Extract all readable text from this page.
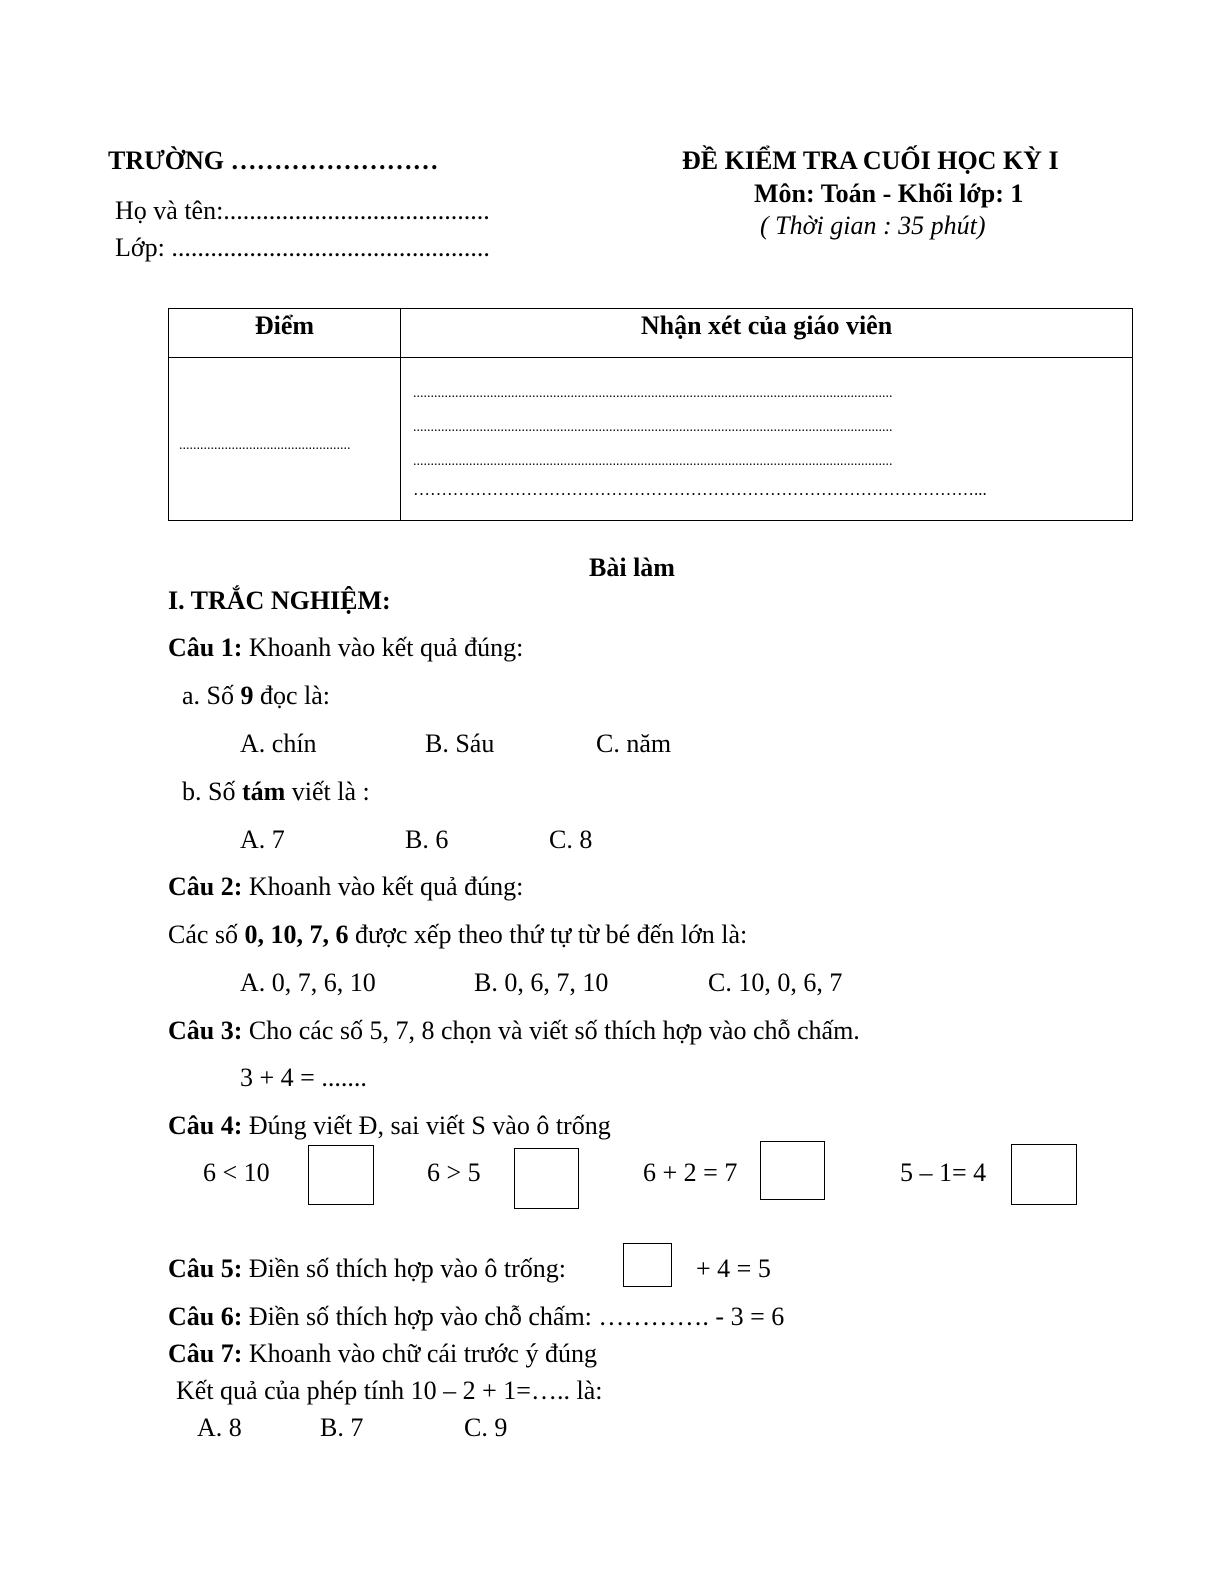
TRƯỜNG ……………………
Họ và tên:.........................................
Lớp: .................................................
ĐỀ KIỂM TRA CUỐI HỌC KỲ I
Môn: Toán - Khối lớp: 1
( Thời gian : 35 phút)
Điểm	Nhận xét của giáo viên

.................................................	.........................................................................................................................................
.........................................................................................................................................
.........................................................................................................................................
………………………………………………………………………………………...
Bài làm
I. TRẮC NGHIỆM:
Câu 1: Khoanh vào kết quả đúng:
a. Số 9 đọc là:
A. chín	B. Sáu	C. năm
b. Số tám viết là :
A. 7	B. 6	C. 8
Câu 2: Khoanh vào kết quả đúng:
Các số 0, 10, 7, 6 được xếp theo thứ tự từ bé đến lớn là:
A. 0, 7, 6, 10	B. 0, 6, 7, 10	C. 10, 0, 6, 7
Câu 3: Cho các số 5, 7, 8 chọn và viết số thích hợp vào chỗ chấm.
3 + 4 = .......
Câu 4: Đúng viết Đ, sai viết S vào ô trống
6 < 10	6 > 5	6 + 2 = 7	5 – 1= 4
Câu 5: Điền số thích hợp vào ô trống:	+ 4 = 5
Câu 6: Điền số thích hợp vào chỗ chấm: …………. - 3 = 6
Câu 7: Khoanh vào chữ cái trước ý đúng
Kết quả của phép tính 10 – 2 + 1=….. là:
A. 8	B. 7	C. 9
